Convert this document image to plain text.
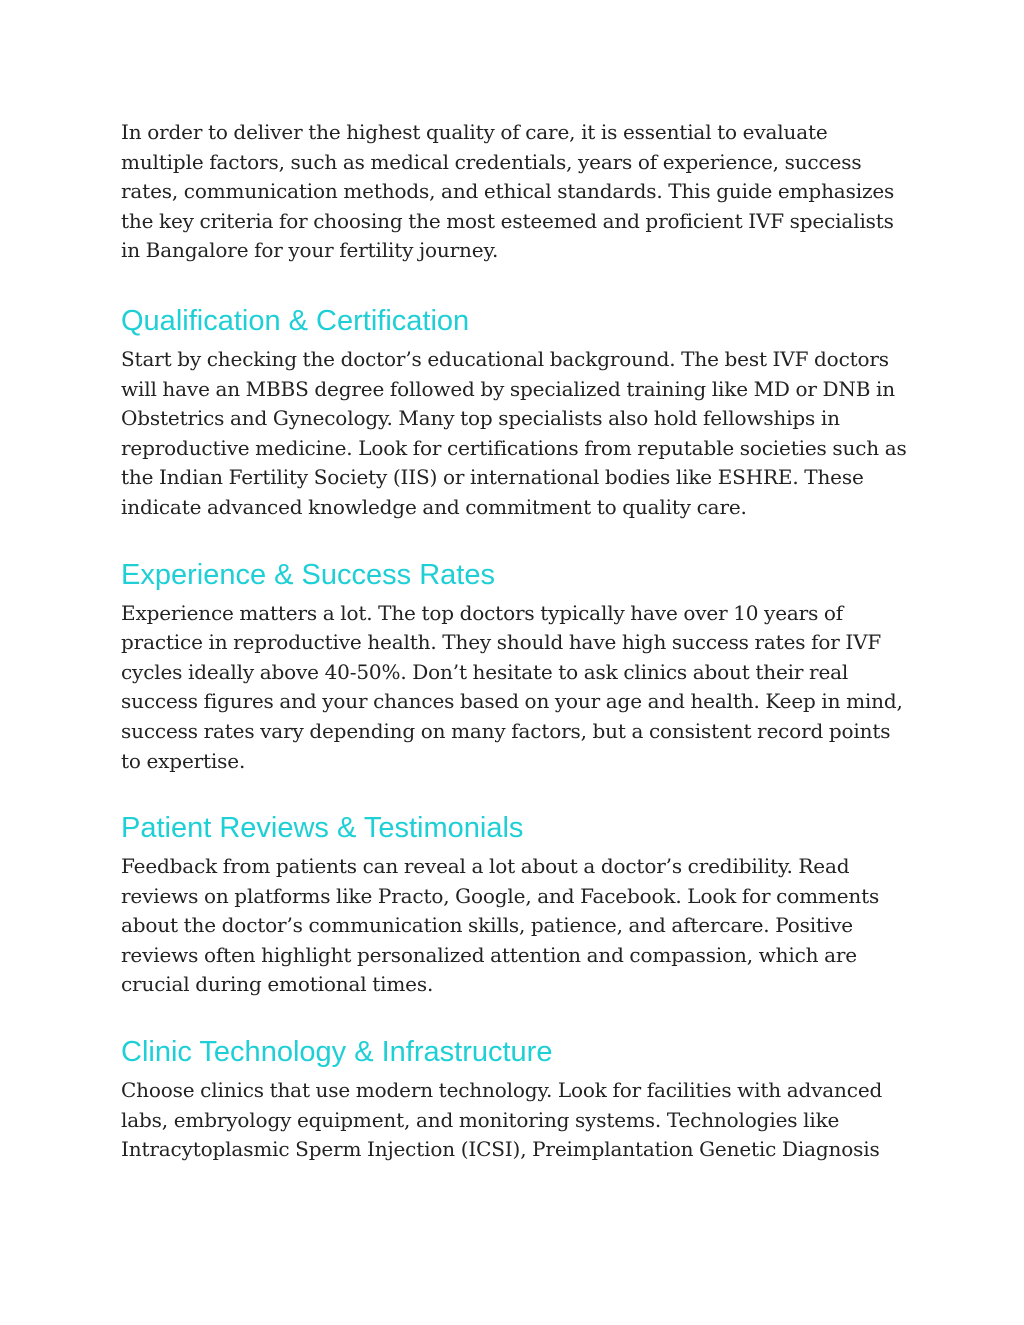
In order to deliver the highest quality of care, it is essential to evaluate multiple factors, such as medical credentials, years of experience, success rates, communication methods, and ethical standards. This guide emphasizes the key criteria for choosing the most esteemed and proficient IVF specialists in Bangalore for your fertility journey.

Qualification & Certification

Start by checking the doctor’s educational background. The best IVF doctors will have an MBBS degree followed by specialized training like MD or DNB in Obstetrics and Gynecology. Many top specialists also hold fellowships in reproductive medicine. Look for certifications from reputable societies such as the Indian Fertility Society (IIS) or international bodies like ESHRE. These indicate advanced knowledge and commitment to quality care.

Experience & Success Rates

Experience matters a lot. The top doctors typically have over 10 years of practice in reproductive health. They should have high success rates for IVF cycles ideally above 40-50%. Don’t hesitate to ask clinics about their real success figures and your chances based on your age and health. Keep in mind, success rates vary depending on many factors, but a consistent record points to expertise.

Patient Reviews & Testimonials

Feedback from patients can reveal a lot about a doctor’s credibility. Read reviews on platforms like Practo, Google, and Facebook. Look for comments about the doctor’s communication skills, patience, and aftercare. Positive reviews often highlight personalized attention and compassion, which are crucial during emotional times.

Clinic Technology & Infrastructure

Choose clinics that use modern technology. Look for facilities with advanced labs, embryology equipment, and monitoring systems. Technologies like Intracytoplasmic Sperm Injection (ICSI), Preimplantation Genetic Diagnosis
